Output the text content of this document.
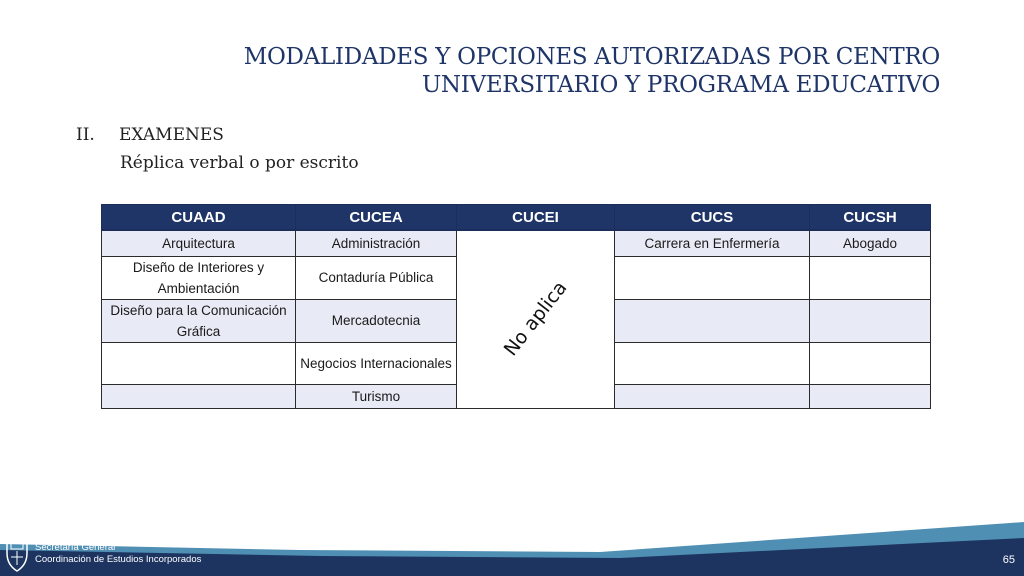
MODALIDADES Y OPCIONES AUTORIZADAS POR CENTRO
UNIVERSITARIO Y PROGRAMA EDUCATIVO
II. EXAMENES
Réplica verbal o por escrito
CUAAD	CUCEA	CUCEI	CUCS	CUCSH
Arquitectura	Administración	No aplica	Carrera en Enfermería	Abogado
Diseño de Interiores y Ambientación	Contaduría Pública			
Diseño para la Comunicación Gráfica	Mercadotecnia			
	Negocios Internacionales			
	Turismo			
Secretaría General
Coordinación de Estudios Incorporados	65
